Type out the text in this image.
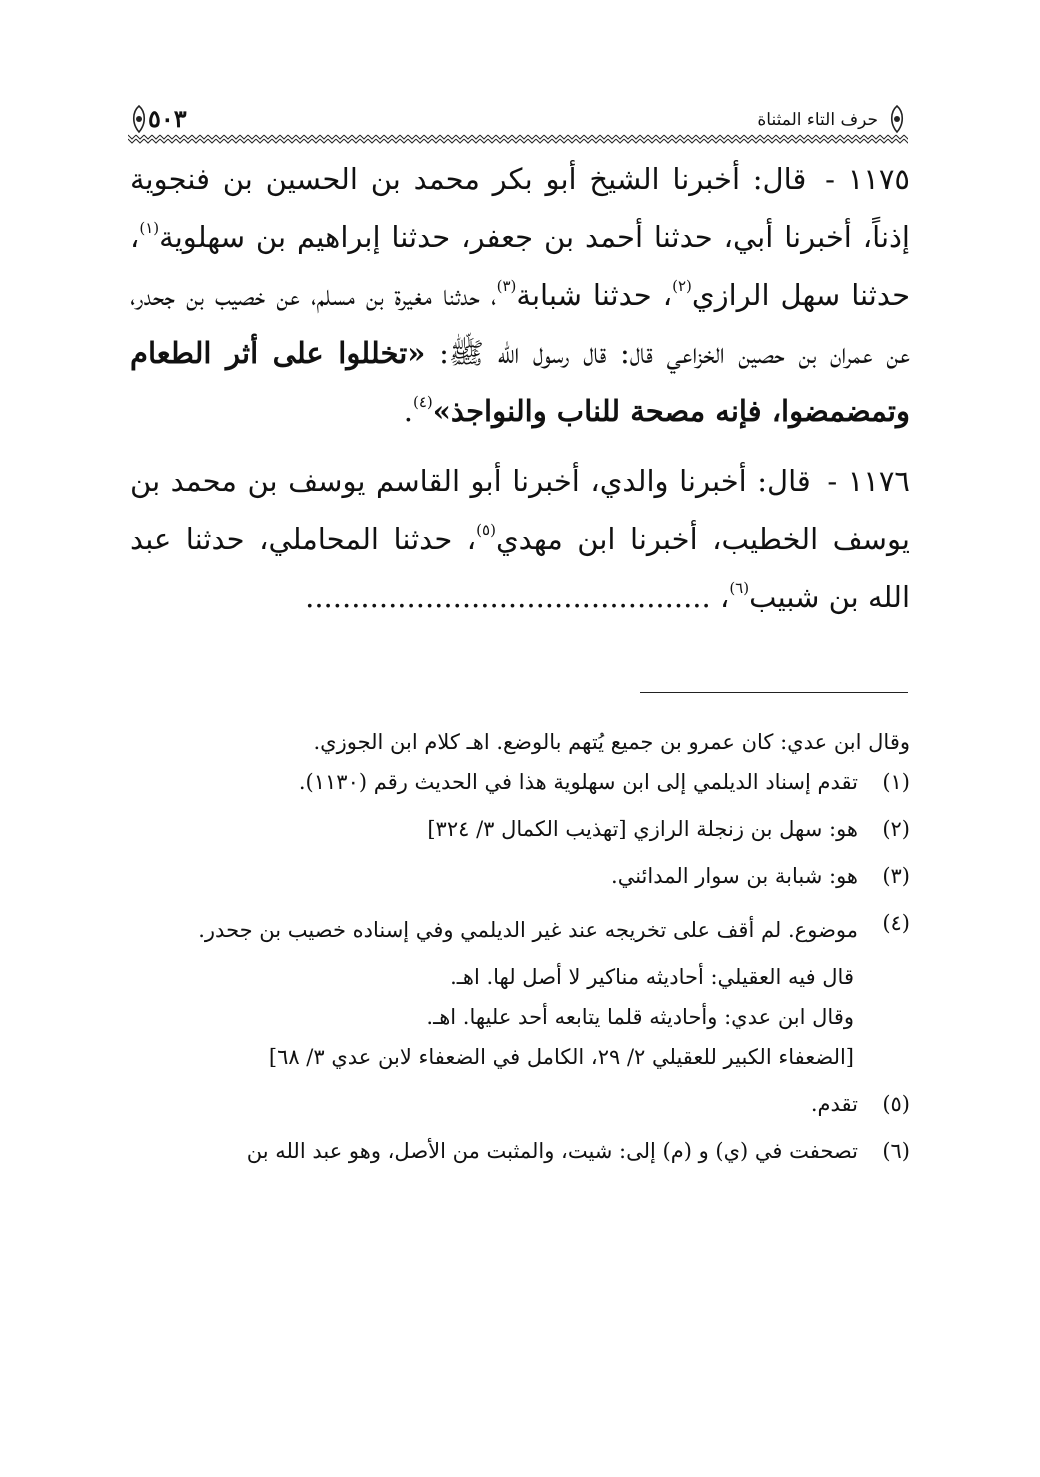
حرف التاء المثناة
٥٠٣

١١٧٥ - قال: أخبرنا الشيخ أبو بكر محمد بن الحسين بن فنجوية إذناً، أخبرنا أبي، حدثنا أحمد بن جعفر، حدثنا إبراهيم بن سهلوية$^{(١)}$، حدثنا سهل الرازي$^{(٢)}$، حدثنا شبابة$^{(٣)}$، حدثنا مغيرة بن مسلم، عن خصيب بن جحدر، عن عمران بن حصين الخزاعي قال: قال رسول الله ﷺ: «تخللوا على أثر الطعام وتمضمضوا، فإنه مصحة للناب والنواجذ»$^{(٤)}$.

١١٧٦ - قال: أخبرنا والدي، أخبرنا أبو القاسم يوسف بن محمد بن يوسف الخطيب، أخبرنا ابن مهدي$^{(٥)}$، حدثنا المحاملي، حدثنا عبد الله بن شبيب$^{(٦)}$، ............................................

وقال ابن عدي: كان عمرو بن جميع يُتهم بالوضع. اهـ كلام ابن الجوزي.
(١)
تقدم إسناد الديلمي إلى ابن سهلوية هذا في الحديث رقم (١١٣٠).
(٢)
هو: سهل بن زنجلة الرازي [تهذيب الكمال ٣/ ٣٢٤]
(٣)
هو: شبابة بن سوار المدائني.
(٤)
موضوع. لم أقف على تخريجه عند غير الديلمي وفي إسناده خصيب بن جحدر.
قال فيه العقيلي: أحاديثه مناكير لا أصل لها. اهـ.
وقال ابن عدي: وأحاديثه قلما يتابعه أحد عليها. اهـ.
[الضعفاء الكبير للعقيلي ٢/ ٢٩، الكامل في الضعفاء لابن عدي ٣/ ٦٨]
(٥)
تقدم.
(٦)
تصحفت في (ي) و (م) إلى: شيت، والمثبت من الأصل، وهو عبد الله بن
